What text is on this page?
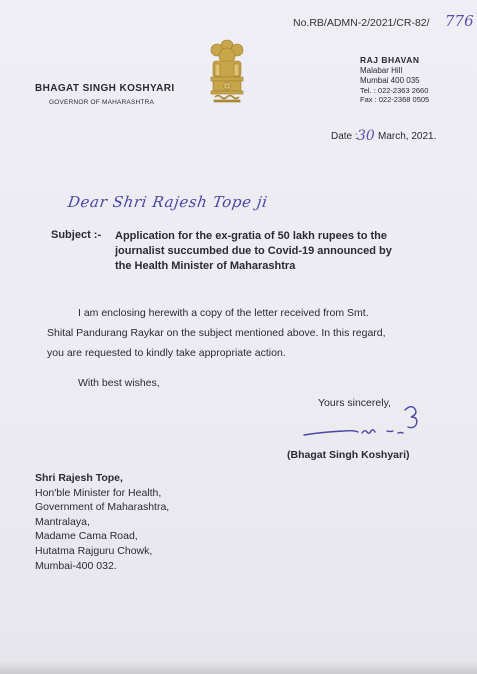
No.RB/ADMN-2/2021/CR-82/ 776
BHAGAT SINGH KOSHYARI
GOVERNOR OF MAHARASHTRA
RAJ BHAVAN
Malabar Hill
Mumbai 400 035
Tel. : 022-2363 2660
Fax : 022-2368 0505
Date : 30 March, 2021.
Dear Shri Rajesh Tope ji
Subject :- Application for the ex-gratia of 50 lakh rupees to the
journalist succumbed due to Covid-19 announced by
the Health Minister of Maharashtra
I am enclosing herewith a copy of the letter received from Smt.
Shital Pandurang Raykar on the subject mentioned above. In this regard,
you are requested to kindly take appropriate action.
With best wishes,
Yours sincerely,
(Bhagat Singh Koshyari)
Shri Rajesh Tope,
Hon'ble Minister for Health,
Government of Maharashtra,
Mantralaya,
Madame Cama Road,
Hutatma Rajguru Chowk,
Mumbai-400 032.
